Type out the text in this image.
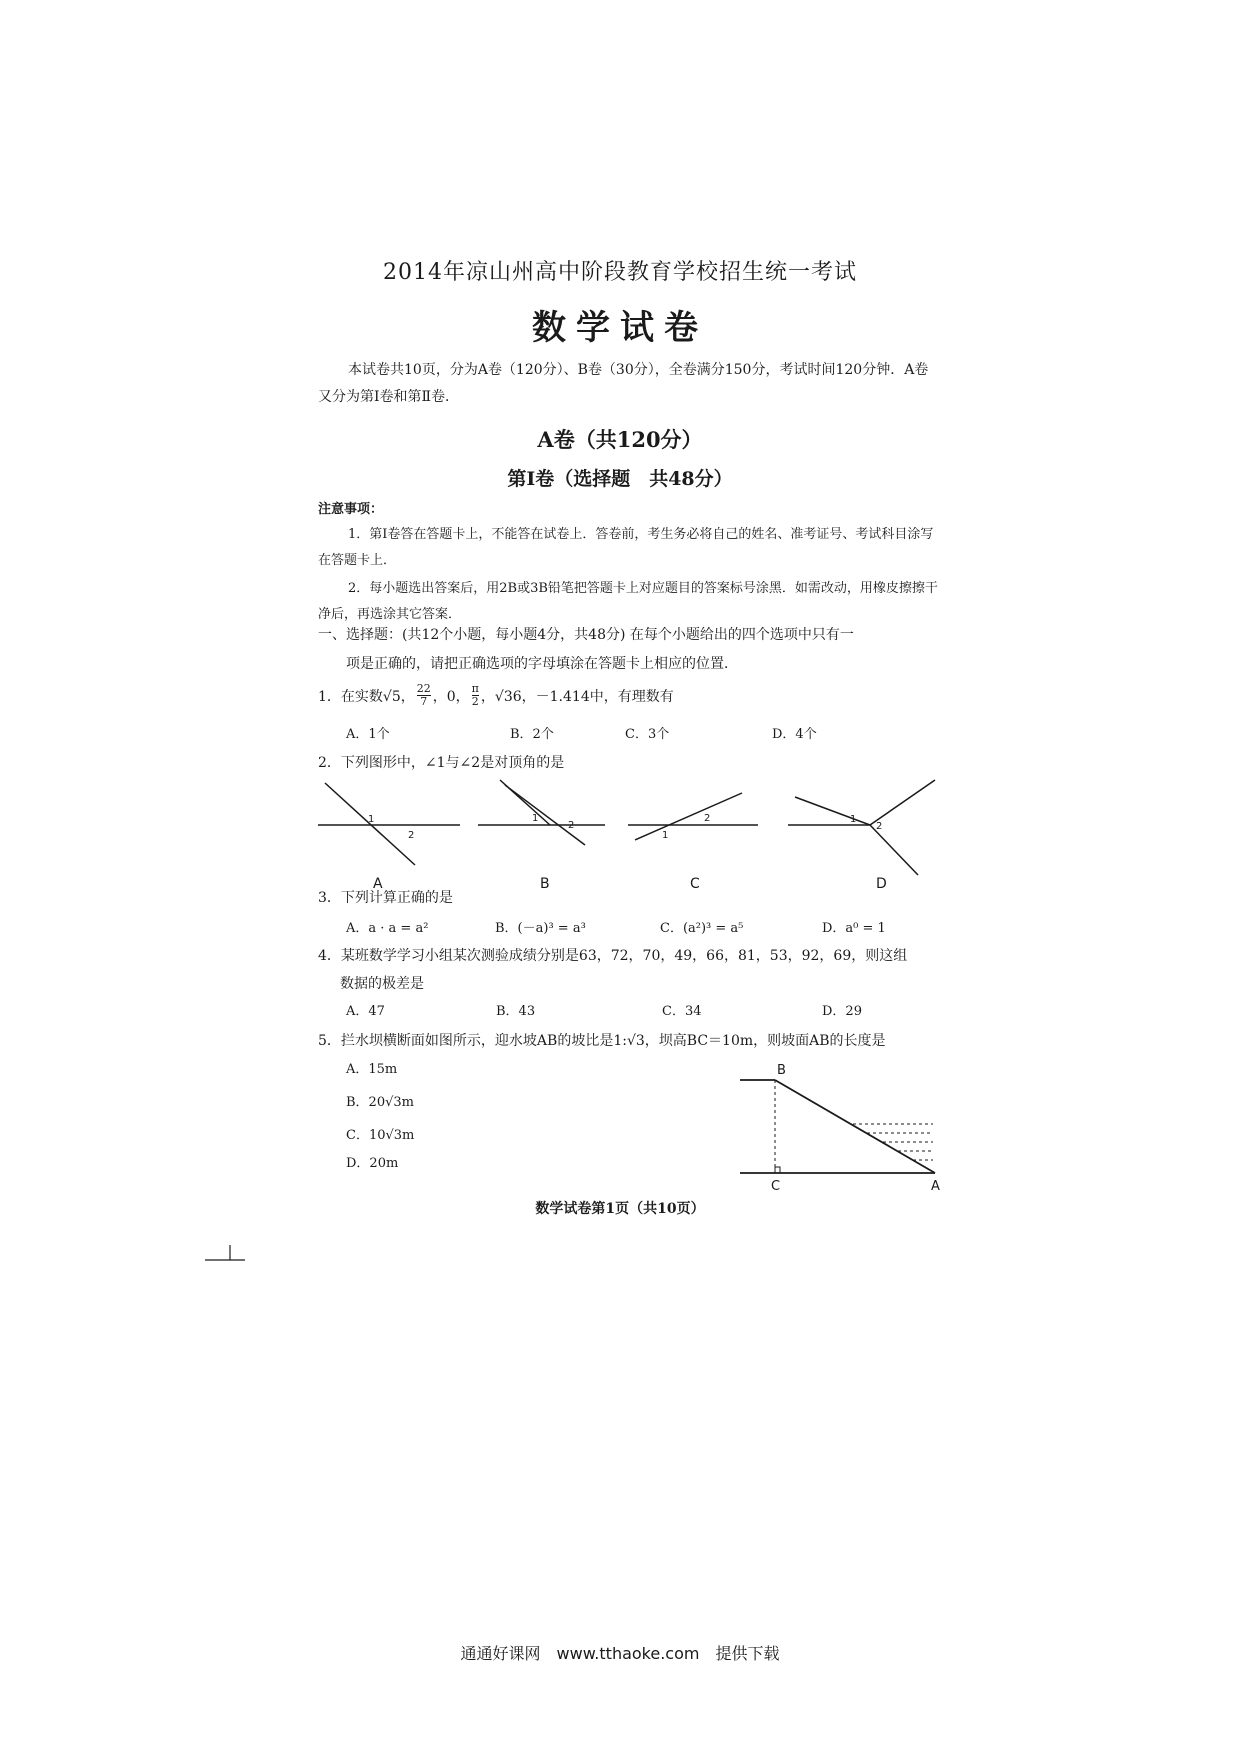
2014年凉山州高中阶段教育学校招生统一考试
数学试卷
本试卷共10页，分为A卷（120分）、B卷（30分），全卷满分150分，考试时间120分钟．A卷又分为第Ⅰ卷和第Ⅱ卷．
A卷（共120分）
第Ⅰ卷（选择题　共48分）
注意事项：
1．第Ⅰ卷答在答题卡上，不能答在试卷上．答卷前，考生务必将自己的姓名、准考证号、考试科目涂写在答题卡上．
2．每小题选出答案后，用2B或3B铅笔把答题卡上对应题目的答案标号涂黑．如需改动，用橡皮擦擦干净后，再选涂其它答案．
一、选择题：(共12个小题，每小题4分，共48分) 在每个小题给出的四个选项中只有一
项是正确的，请把正确选项的字母填涂在答题卡上相应的位置．
1． 在实数√5， 22
7 ，0， π
2 ，√36，－1.414中，有理数有
A．1个	B．2个	C．3个	D．4个
2．下列图形中，∠1与∠2是对顶角的是
1
2
1
2
1
2	1
2
A	B	C	D
3．下列计算正确的是
A．a · a = a²	B．(－a)³ = a³	C．(a²)³ = a⁵	D．a⁰ = 1
4．某班数学学习小组某次测验成绩分别是63，72，70，49，66，81，53，92，69，则这组
数据的极差是
A．47	B．43	C．34	D．29
5．拦水坝横断面如图所示，迎水坡AB的坡比是1:√3，坝高BC＝10m，则坡面AB的长度是
A．15m
B．20√3m
C．10√3m
D．20m
B
C	A
数学试卷第1页（共10页）
通通好课网　www.tthaoke.com　提供下载
